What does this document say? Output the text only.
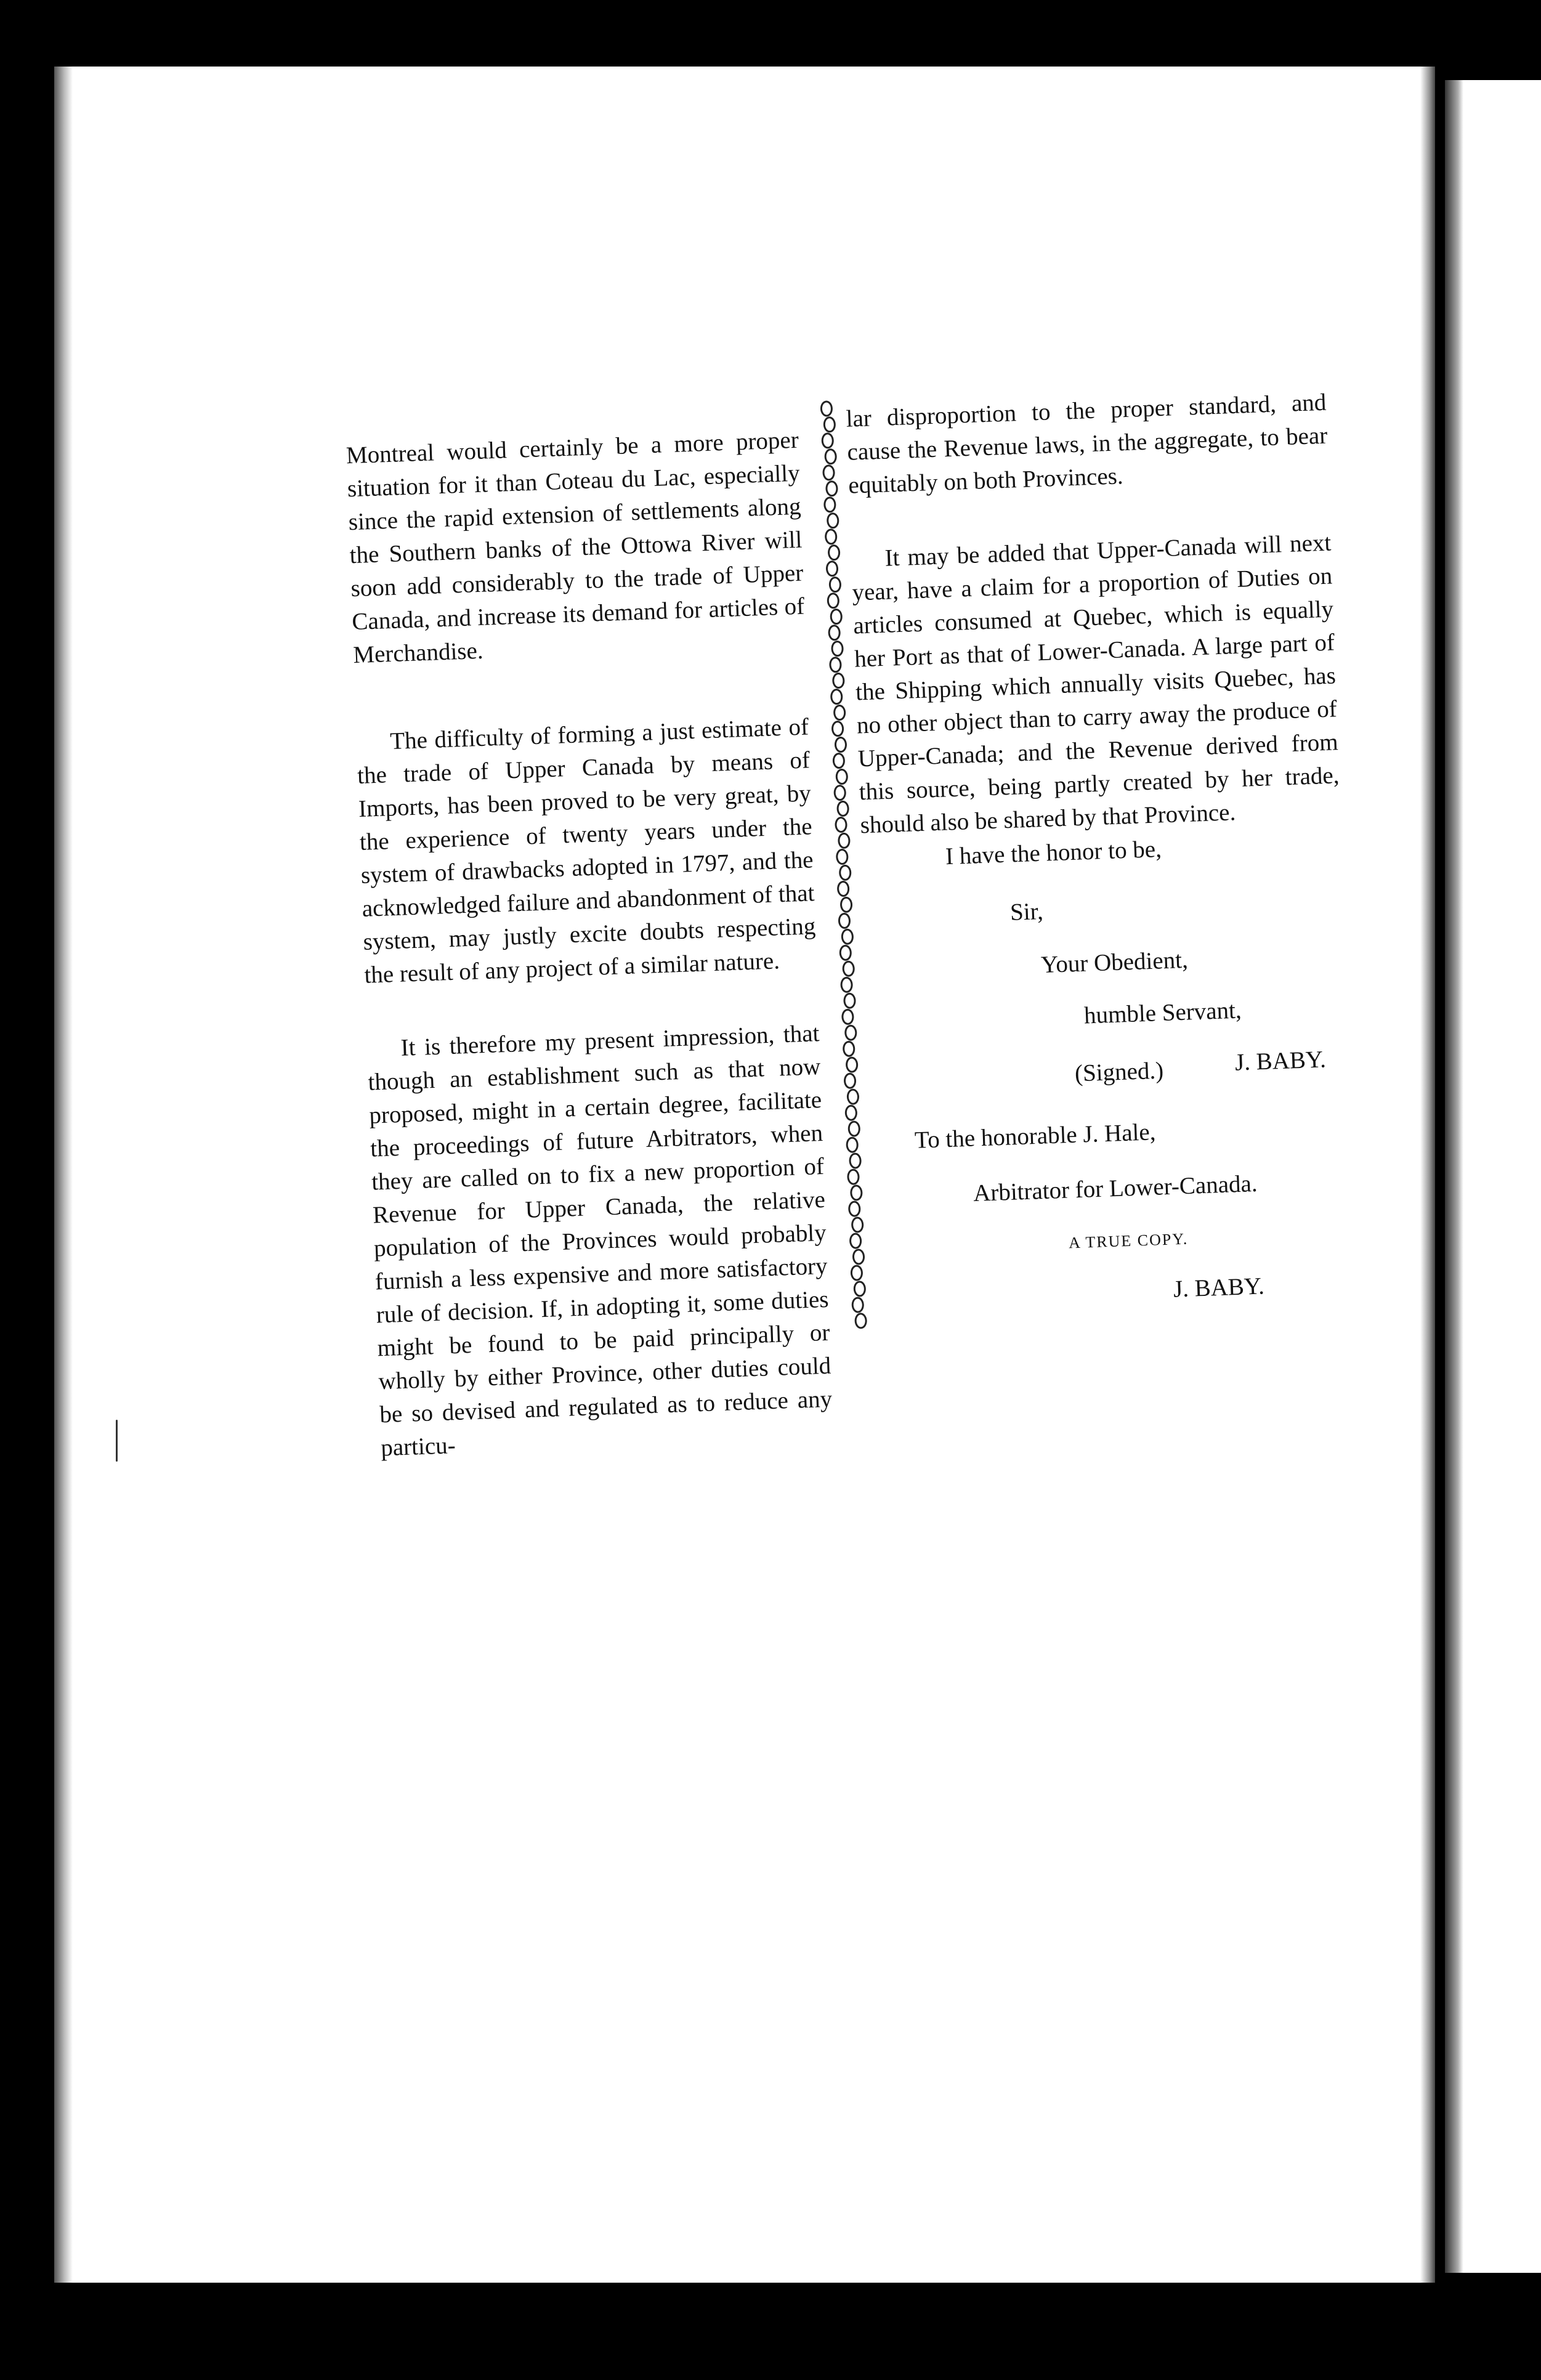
Montreal would certainly be a more proper situation for it than Coteau du Lac, especially since the rapid extension of settlements along the Southern banks of the Ottowa River will soon add considerably to the trade of Upper Canada, and increase its demand for articles of Merchandise.

The difficulty of forming a just estimate of the trade of Upper Canada by means of Imports, has been proved to be very great, by the experience of twenty years under the system of drawbacks adopted in 1797, and the acknowledged failure and abandonment of that system, may justly excite doubts respecting the result of any project of a similar nature.

It is therefore my present impression, that though an establishment such as that now proposed, might in a certain degree, facilitate the proceedings of future Arbitrators, when they are called on to fix a new proportion of Revenue for Upper Canada, the relative population of the Provinces would probably furnish a less expensive and more satisfactory rule of decision. If, in adopting it, some duties might be found to be paid principally or wholly by either Province, other duties could be so devised and regulated as to reduce any particu-

lar disproportion to the proper standard, and cause the Revenue laws, in the aggregate, to bear equitably on both Provinces.

It may be added that Upper-Canada will next year, have a claim for a proportion of Duties on articles consumed at Quebec, which is equally her Port as that of Lower-Canada. A large part of the Shipping which annually visits Quebec, has no other object than to carry away the produce of Upper-Canada; and the Revenue derived from this source, being partly created by her trade, should also be shared by that Province.

I have the honor to be,
Sir,
Your Obedient,
humble Servant,
(Signed.)	J. BABY.
To the honorable J. Hale,
Arbitrator for Lower-Canada.
A TRUE COPY.
J. BABY.
